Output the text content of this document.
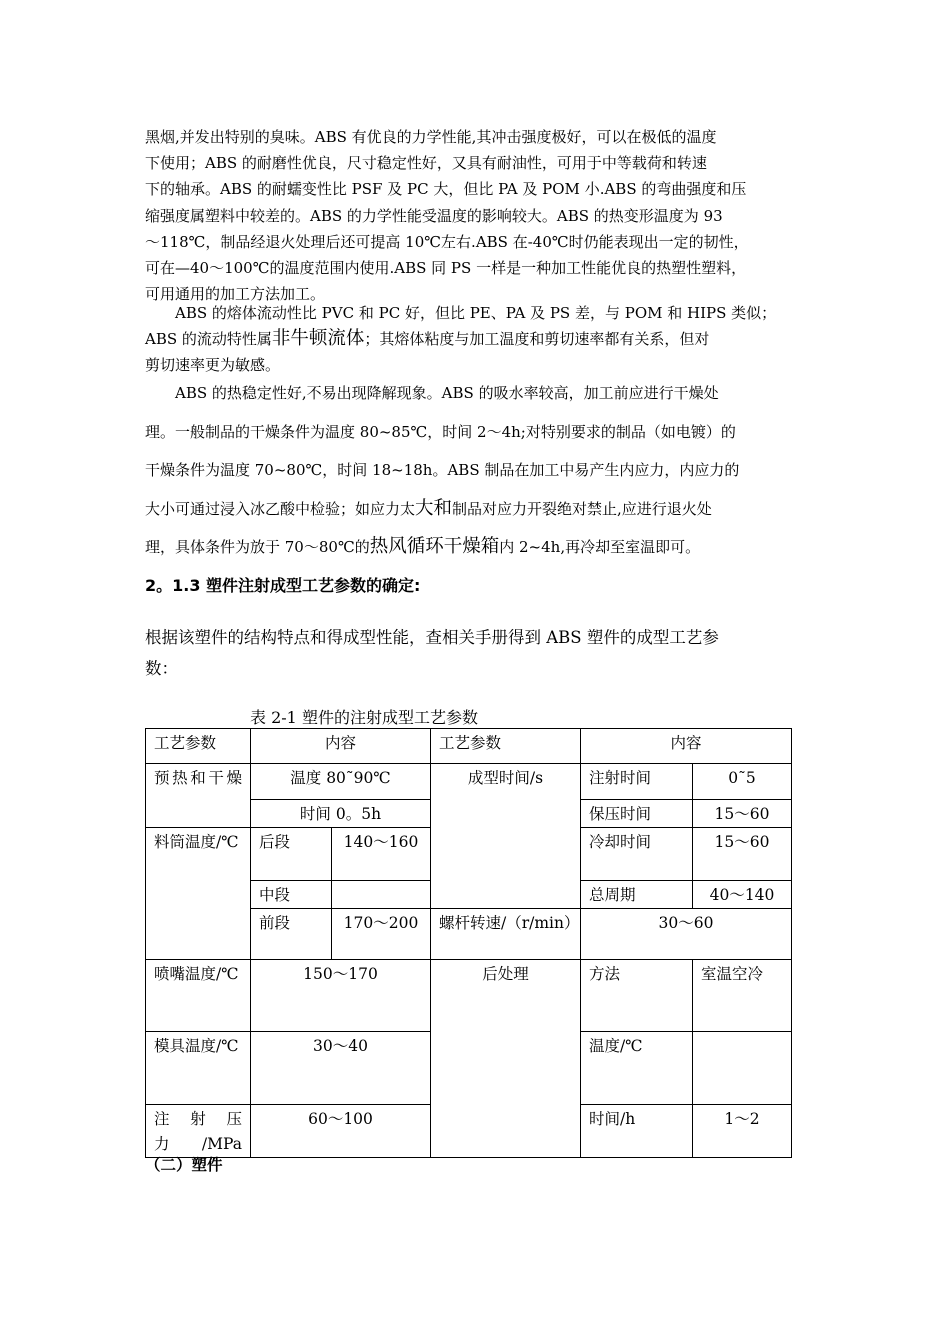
黑烟,并发出特别的臭味。ABS 有优良的力学性能,其冲击强度极好，可以在极低的温度
下使用；ABS 的耐磨性优良，尺寸稳定性好，又具有耐油性，可用于中等载荷和转速
下的轴承。ABS 的耐蠕变性比 PSF 及 PC 大，但比 PA 及 POM 小.ABS 的弯曲强度和压
缩强度属塑料中较差的。ABS 的力学性能受温度的影响较大。ABS 的热变形温度为 93
～118℃，制品经退火处理后还可提高 10℃左右.ABS 在-40℃时仍能表现出一定的韧性，
可在—40～100℃的温度范围内使用.ABS 同 PS 一样是一种加工性能优良的热塑性塑料，
可用通用的加工方法加工。
　　ABS 的熔体流动性比 PVC 和 PC 好，但比 PE、PA 及 PS 差，与 POM 和 HIPS 类似；
ABS 的流动特性属非牛顿流体；其熔体粘度与加工温度和剪切速率都有关系，但对
剪切速率更为敏感。
　　ABS 的热稳定性好,不易出现降解现象。ABS 的吸水率较高，加工前应进行干燥处
理。一般制品的干燥条件为温度 80~85℃，时间 2～4h;对特别要求的制品（如电镀）的
干燥条件为温度 70~80℃，时间 18~18h。ABS 制品在加工中易产生内应力，内应力的
大小可通过浸入冰乙酸中检验；如应力太大和制品对应力开裂绝对禁止,应进行退火处
理，具体条件为放于 70～80℃的热风循环干燥箱内 2~4h,再冷却至室温即可。
2。1.3 塑件注射成型工艺参数的确定:
根据该塑件的结构特点和得成型性能，查相关手册得到 ABS 塑件的成型工艺参
数：
表 2-1 塑件的注射成型工艺参数
工艺参数	内容		工艺参数	内容	
预热和干燥	温度 80˜90℃		成型时间/s	注射时间	0˜5
	时间 0。5h			保压时间	15～60
料筒温度/℃	后段	140～160		冷却时间	15～60
	中段			总周期	40～140
	前段	170～200	螺杆转速/（r/min）	30～60	
喷嘴温度/℃	150～170		后处理	方法	室温空冷
模具温度/℃	30～40			温度/℃	
注射压力/MPa	60～100			时间/h	1～2
（二）塑件
